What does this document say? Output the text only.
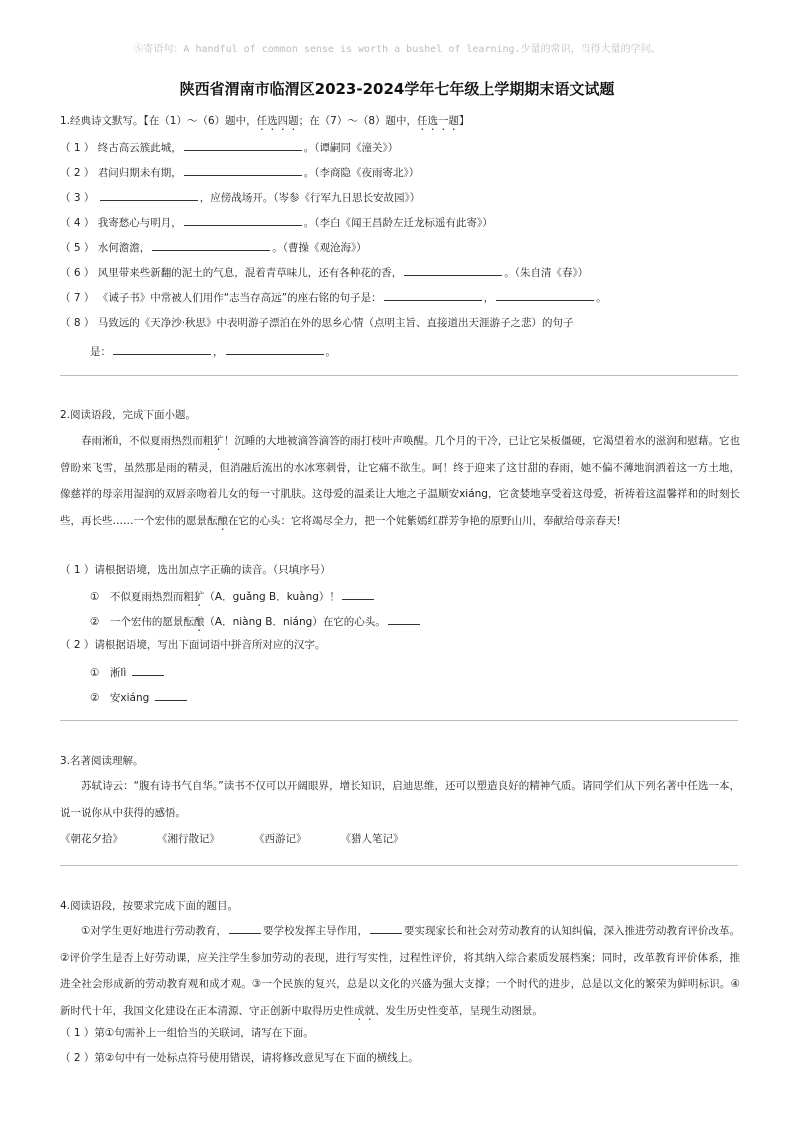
Ⓢ寄语句：A handful of common sense is worth a bushel of learning.少量的常识，当得大量的学问。
陕西省渭南市临渭区2023-2024学年七年级上学期期末语文试题
1.经典诗文默写。【在（1）～（6）题中，任选四题；在（7）～（8）题中，任选一题】
（ 1 ） 终古高云簇此城，	。（谭嗣同《潼关》）
（ 2 ） 君问归期未有期，	。（李商隐《夜雨寄北》）
（ 3 ）	，应傍战场开。（岑参《行军九日思长安故园》）
（ 4 ） 我寄愁心与明月，	。（李白《闻王昌龄左迁龙标遥有此寄》）
（ 5 ） 水何澹澹，	。（曹操《观沧海》）
（ 6 ） 风里带来些新翻的泥土的气息，混着青草味儿，还有各种花的香，	。（朱自清《春》）
（ 7 ） 《诫子书》中常被人们用作“志当存高远”的座右铭的句子是：	，	。
（ 8 ） 马致远的《天净沙·秋思》中表明游子漂泊在外的思乡心情（点明主旨、直接道出天涯游子之悲）的句子
是：	，	。
2.阅读语段，完成下面小题。
春雨淅lì，不似夏雨热烈而粗犷！沉睡的大地被滴答滴答的雨打枝叶声唤醒。几个月的干冷，已让它呆板僵硬，它渴望着水的滋润和慰藉。它也曾盼来飞雪，虽然那是雨的精灵，但消融后流出的水冰寒刺骨，让它痛不欲生。呵！终于迎来了这甘甜的春雨，她不偏不薄地润洒着这一方土地，像慈祥的母亲用湿润的双唇亲吻着儿女的每一寸肌肤。这母爱的温柔让大地之子温顺安xiáng，它贪婪地享受着这母爱，祈祷着这温馨祥和的时刻长些，再长些……一个宏伟的愿景酝酿在它的心头：它将竭尽全力，把一个姹紫嫣红群芳争艳的原野山川，奉献给母亲春天!
（ 1 ）请根据语境，选出加点字正确的读音。（只填序号）
①　不似夏雨热烈而粗犷（A．guǎng B．kuàng）！
②　一个宏伟的愿景酝酿（A．niàng B．niáng）在它的心头。
（ 2 ）请根据语境，写出下面词语中拼音所对应的汉字。
①　淅lì
②　安xiáng
3.名著阅读理解。
苏轼诗云：“腹有诗书气自华。”读书不仅可以开阔眼界，增长知识，启迪思维，还可以塑造良好的精神气质。请同学们从下列名著中任选一本，说一说你从中获得的感悟。
《朝花夕拾》	《湘行散记》	《西游记》	《猎人笔记》
4.阅读语段，按要求完成下面的题目。
①对学生更好地进行劳动教育，	要学校发挥主导作用，	要实现家长和社会对劳动教育的认知纠偏，深入推进劳动教育评价改革。②评价学生是否上好劳动课，应关注学生参加劳动的表现，进行写实性，过程性评价，将其纳入综合素质发展档案；同时，改革教育评价体系，推进全社会形成新的劳动教育观和成才观。③一个民族的复兴，总是以文化的兴盛为强大支撑；一个时代的进步，总是以文化的繁荣为鲜明标识。④新时代十年，我国文化建设在正本清源、守正创新中取得历史性成就、发生历史性变革，呈现生动图景。
（ 1 ）第①句需补上一组恰当的关联词，请写在下面。
（ 2 ）第②句中有一处标点符号使用错误，请将修改意见写在下面的横线上。
